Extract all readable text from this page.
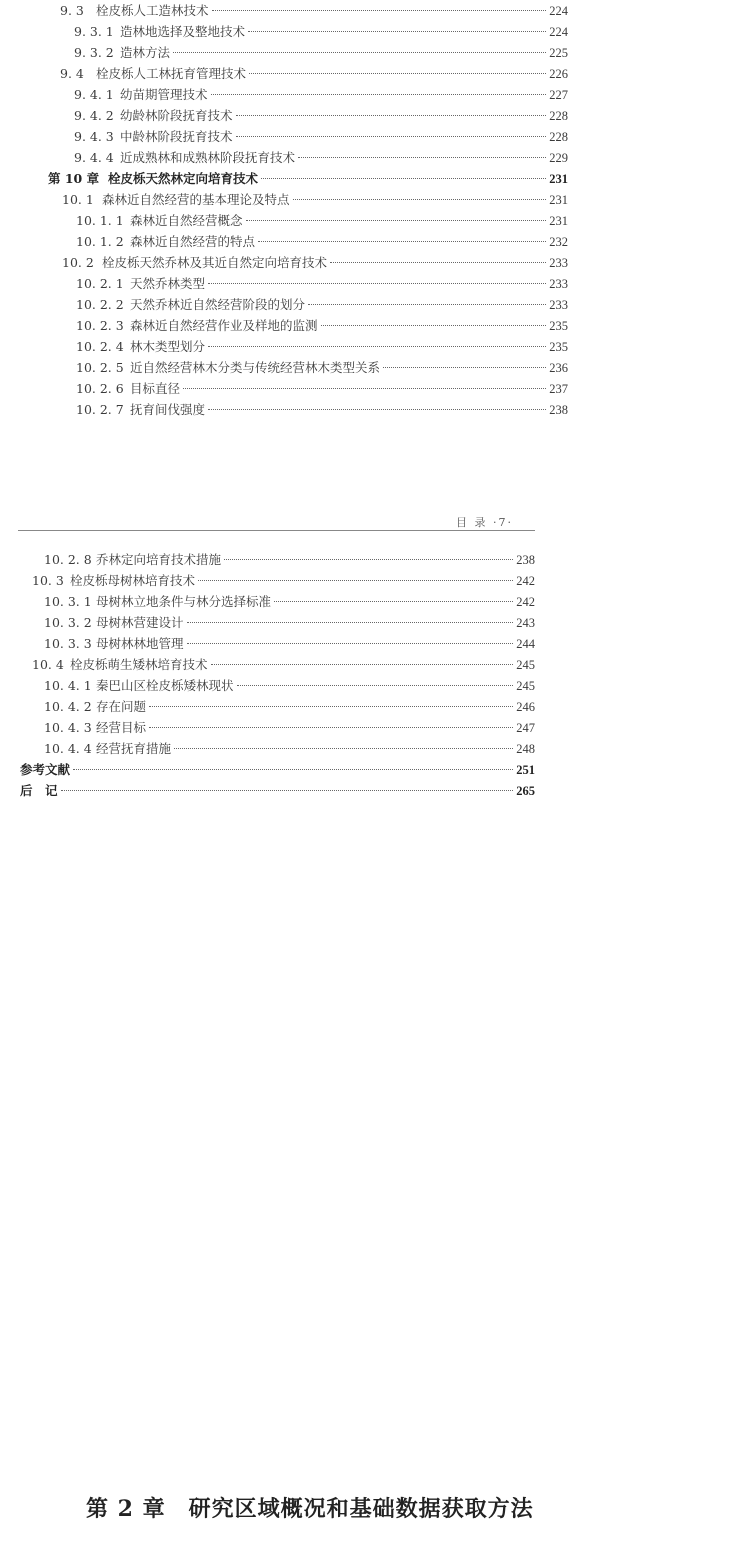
9. 3 栓皮栎人工造林技术	224
9. 3. 1 造林地选择及整地技术	224
9. 3. 2 造林方法	225
9. 4 栓皮栎人工林抚育管理技术	226
9. 4. 1 幼苗期管理技术	227
9. 4. 2 幼龄林阶段抚育技术	228
9. 4. 3 中龄林阶段抚育技术	228
9. 4. 4 近成熟林和成熟林阶段抚育技术	229
第 10 章 栓皮栎天然林定向培育技术	231
10. 1 森林近自然经营的基本理论及特点	231
10. 1. 1 森林近自然经营概念	231
10. 1. 2 森林近自然经营的特点	232
10. 2 栓皮栎天然乔林及其近自然定向培育技术	233
10. 2. 1 天然乔林类型	233
10. 2. 2 天然乔林近自然经营阶段的划分	233
10. 2. 3 森林近自然经营作业及样地的监测	235
10. 2. 4 林木类型划分	235
10. 2. 5 近自然经营林木分类与传统经营林木类型关系	236
10. 2. 6 目标直径	237
10. 2. 7 抚育间伐强度	238
目 录 ·7·
10. 2. 8 乔林定向培育技术措施	238
10. 3 栓皮栎母树林培育技术	242
10. 3. 1 母树林立地条件与林分选择标准	242
10. 3. 2 母树林营建设计	243
10. 3. 3 母树林林地管理	244
10. 4 栓皮栎萌生矮林培育技术	245
10. 4. 1 秦巴山区栓皮栎矮林现状	245
10. 4. 2 存在问题	246
10. 4. 3 经营目标	247
10. 4. 4 经营抚育措施	248
参考文献	251
后　记	265
第 2 章　研究区域概况和基础数据获取方法
